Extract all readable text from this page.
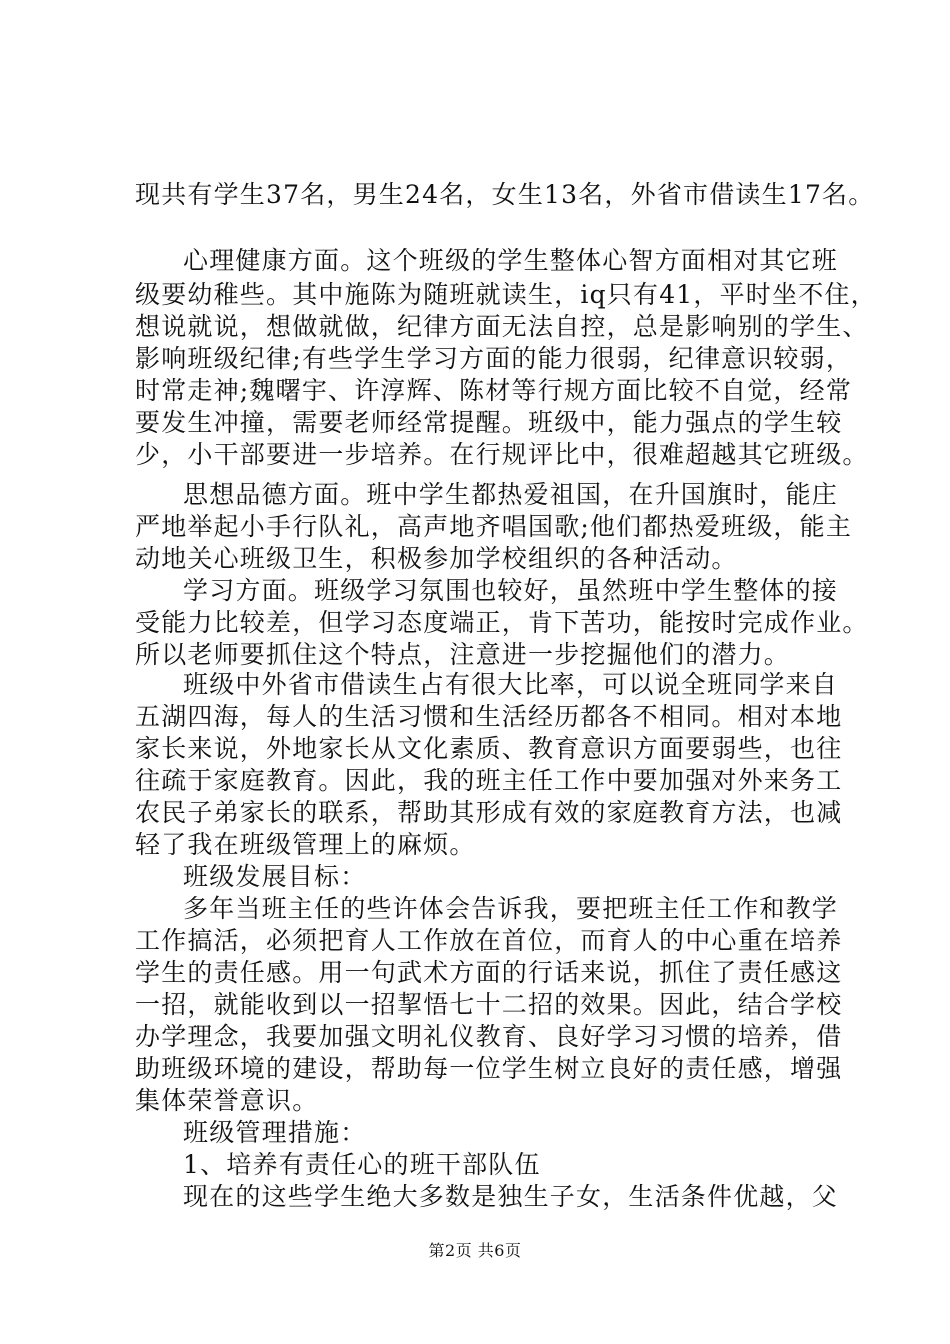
现共有学生37名，男生24名，女生13名，外省市借读生17名。
心理健康方面。这个班级的学生整体心智方面相对其它班
级要幼稚些。其中施陈为随班就读生，iq只有41，平时坐不住，
想说就说，想做就做，纪律方面无法自控，总是影响别的学生、
影响班级纪律;有些学生学习方面的能力很弱，纪律意识较弱，
时常走神;魏曙宇、许淳辉、陈材等行规方面比较不自觉，经常
要发生冲撞，需要老师经常提醒。班级中，能力强点的学生较
少，小干部要进一步培养。在行规评比中，很难超越其它班级。
思想品德方面。班中学生都热爱祖国，在升国旗时，能庄
严地举起小手行队礼，高声地齐唱国歌;他们都热爱班级，能主
动地关心班级卫生，积极参加学校组织的各种活动。
学习方面。班级学习氛围也较好，虽然班中学生整体的接
受能力比较差，但学习态度端正，肯下苦功，能按时完成作业。
所以老师要抓住这个特点，注意进一步挖掘他们的潜力。
班级中外省市借读生占有很大比率，可以说全班同学来自
五湖四海，每人的生活习惯和生活经历都各不相同。相对本地
家长来说，外地家长从文化素质、教育意识方面要弱些，也往
往疏于家庭教育。因此，我的班主任工作中要加强对外来务工
农民子弟家长的联系，帮助其形成有效的家庭教育方法，也减
轻了我在班级管理上的麻烦。
班级发展目标：
多年当班主任的些许体会告诉我，要把班主任工作和教学
工作搞活，必须把育人工作放在首位，而育人的中心重在培养
学生的责任感。用一句武术方面的行话来说，抓住了责任感这
一招，就能收到以一招挈悟七十二招的效果。因此，结合学校
办学理念，我要加强文明礼仪教育、良好学习习惯的培养，借
助班级环境的建设，帮助每一位学生树立良好的责任感，增强
集体荣誉意识。
班级管理措施：
1、培养有责任心的班干部队伍
现在的这些学生绝大多数是独生子女，生活条件优越，父
第2页 共6页
